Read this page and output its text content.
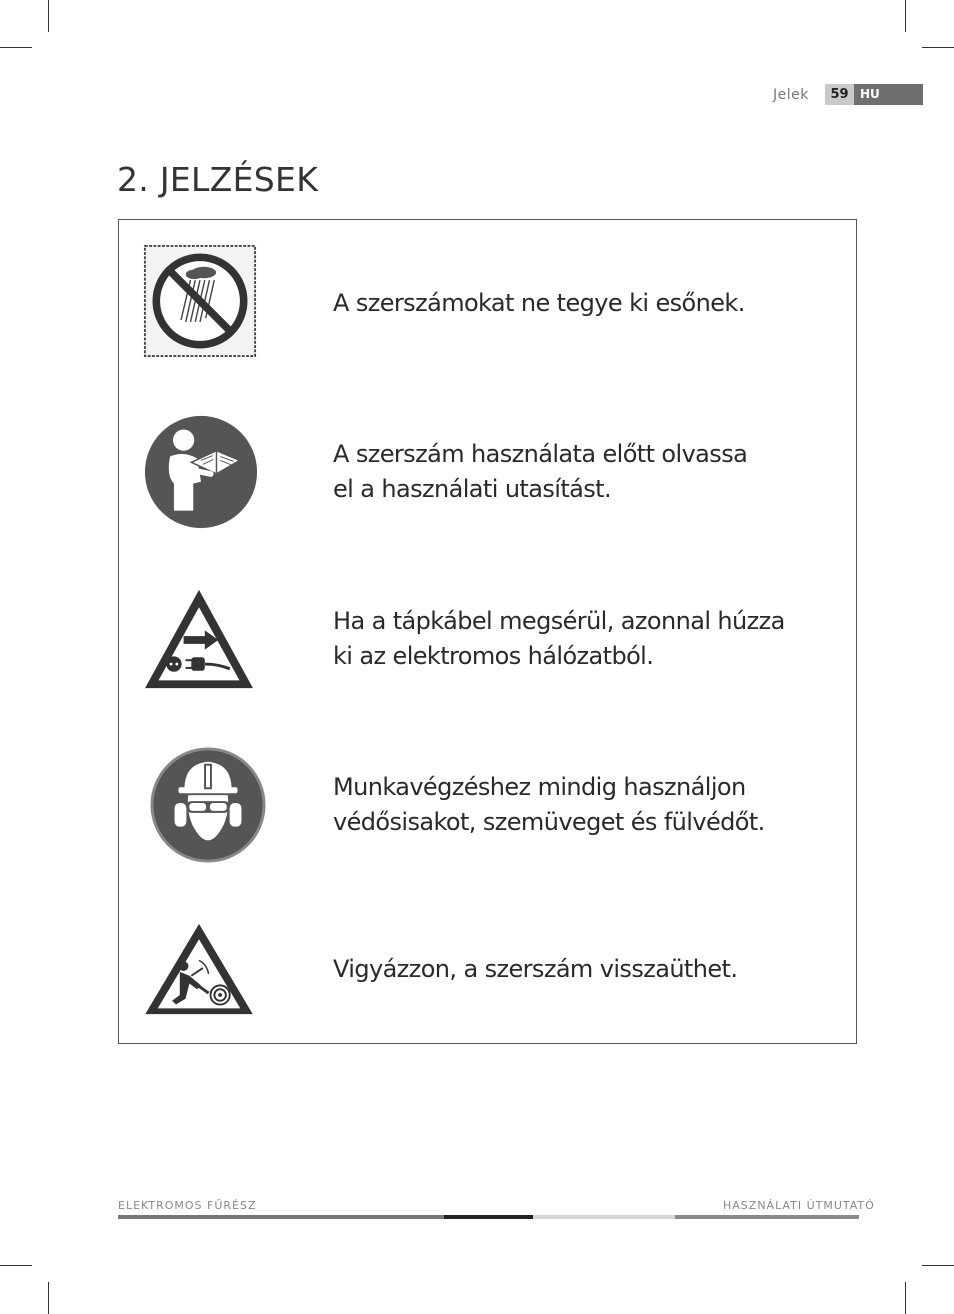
Jelek	59 HU
2. JELZÉSEK
A szerszámokat ne tegye ki esőnek.
A szerszám használata előtt olvassa
el a használati utasítást.
Ha a tápkábel megsérül, azonnal húzza
ki az elektromos hálózatból.
Munkavégzéshez mindig használjon
védősisakot, szemüveget és fülvédőt.
Vigyázzon, a szerszám visszaüthet.
ELEKTROMOS FŰRÉSZ	HASZNÁLATI ÚTMUTATÓ
